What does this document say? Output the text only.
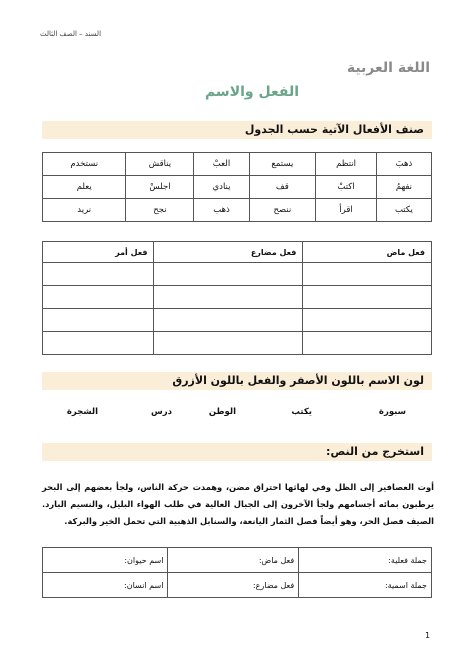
السند – الصف الثالث
اللغة العربية
الفعل والاسم
صنف الأفعال الآتية حسب الجدول
ذهبَ	انتظم	يستمع	العبْ	يناقش	نستخدم
نفهمُ	اكتبْ	قف	ينادي	اجلسْ	يعلم
يكتب	اقرأ	ننصح	ذهب	نجح	نريد
فعل ماض	فعل مضارع	فعل أمر

لون الاسم باللون الأصفر والفعل باللون الأزرق
سبورة
يكتب
الوطن
درس
الشجرة
استخرج من النص:
أوت العصافير إلى الظل وفي لهاثها احتراق مضن، وهمدت حركة الناس، ولجأ بعضهم إلى البحر يرطبون بمائه أجسامهم ولجأ الآخرون إلى الجبال العالية في طلب الهواء البليل، والنسيم البارد. الصيف فصل الحر، وهو أيضاً فصل الثمار اليانعة، والسنابل الذهبية التي تحمل الخير والبركة.
جملة فعلية:	فعل ماض:	اسم حيوان:
جملة اسمية:	فعل مضارع:	اسم انسان:
1
